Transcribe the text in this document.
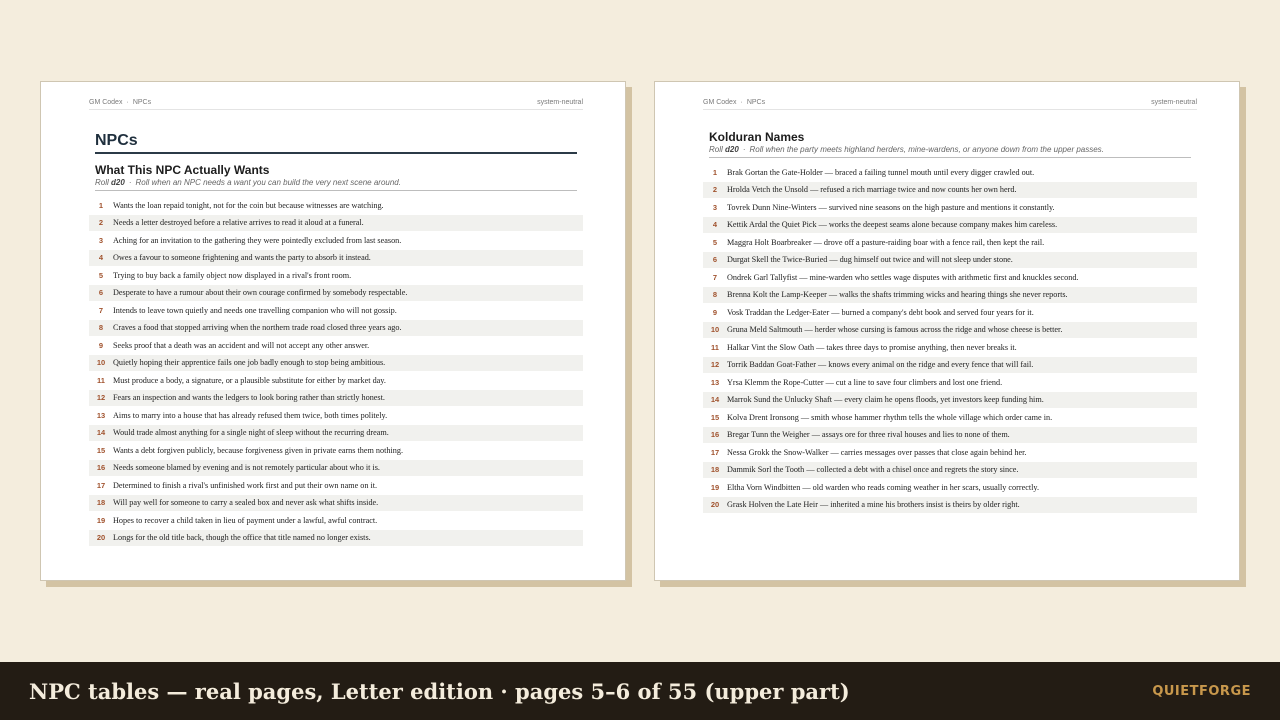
GM Codex · NPCs	system-neutral
NPCs
What This NPC Actually Wants
Roll d20 · Roll when an NPC needs a want you can build the very next scene around.
1	Wants the loan repaid tonight, not for the coin but because witnesses are watching.
2	Needs a letter destroyed before a relative arrives to read it aloud at a funeral.
3	Aching for an invitation to the gathering they were pointedly excluded from last season.
4	Owes a favour to someone frightening and wants the party to absorb it instead.
5	Trying to buy back a family object now displayed in a rival's front room.
6	Desperate to have a rumour about their own courage confirmed by somebody respectable.
7	Intends to leave town quietly and needs one travelling companion who will not gossip.
8	Craves a food that stopped arriving when the northern trade road closed three years ago.
9	Seeks proof that a death was an accident and will not accept any other answer.
10 Quietly hoping their apprentice fails one job badly enough to stop being ambitious.
11 Must produce a body, a signature, or a plausible substitute for either by market day.
12 Fears an inspection and wants the ledgers to look boring rather than strictly honest.
13 Aims to marry into a house that has already refused them twice, both times politely.
14 Would trade almost anything for a single night of sleep without the recurring dream.
15 Wants a debt forgiven publicly, because forgiveness given in private earns them nothing.
16 Needs someone blamed by evening and is not remotely particular about who it is.
17 Determined to finish a rival's unfinished work first and put their own name on it.
18 Will pay well for someone to carry a sealed box and never ask what shifts inside.
19 Hopes to recover a child taken in lieu of payment under a lawful, awful contract.
20 Longs for the old title back, though the office that title named no longer exists.
GM Codex · NPCs	system-neutral
Kolduran Names
Roll d20 · Roll when the party meets highland herders, mine-wardens, or anyone down from the upper passes.
1	Brak Gortan the Gate-Holder — braced a failing tunnel mouth until every digger crawled out.
2	Hrolda Vetch the Unsold — refused a rich marriage twice and now counts her own herd.
3	Tovrek Dunn Nine-Winters — survived nine seasons on the high pasture and mentions it constantly.
4	Kettik Ardal the Quiet Pick — works the deepest seams alone because company makes him careless.
5	Maggra Holt Boarbreaker — drove off a pasture-raiding boar with a fence rail, then kept the rail.
6	Durgat Skell the Twice-Buried — dug himself out twice and will not sleep under stone.
7	Ondrek Garl Tallyfist — mine-warden who settles wage disputes with arithmetic first and knuckles second.
8	Brenna Kolt the Lamp-Keeper — walks the shafts trimming wicks and hearing things she never reports.
9	Vosk Traddan the Ledger-Eater — burned a company's debt book and served four years for it.
10 Gruna Meld Saltmouth — herder whose cursing is famous across the ridge and whose cheese is better.
11 Halkar Vint the Slow Oath — takes three days to promise anything, then never breaks it.
12 Torrik Baddan Goat-Father — knows every animal on the ridge and every fence that will fail.
13 Yrsa Klemm the Rope-Cutter — cut a line to save four climbers and lost one friend.
14 Marrok Sund the Unlucky Shaft — every claim he opens floods, yet investors keep funding him.
15 Kolva Drent Ironsong — smith whose hammer rhythm tells the whole village which order came in.
16 Bregar Tunn the Weigher — assays ore for three rival houses and lies to none of them.
17 Nessa Grokk the Snow-Walker — carries messages over passes that close again behind her.
18 Dammik Sorl the Tooth — collected a debt with a chisel once and regrets the story since.
19 Eltha Vorn Windbitten — old warden who reads coming weather in her scars, usually correctly.
20 Grask Holven the Late Heir — inherited a mine his brothers insist is theirs by older right.
NPC tables — real pages, Letter edition · pages 5–6 of 55 (upper part)	QUIETFORGE
